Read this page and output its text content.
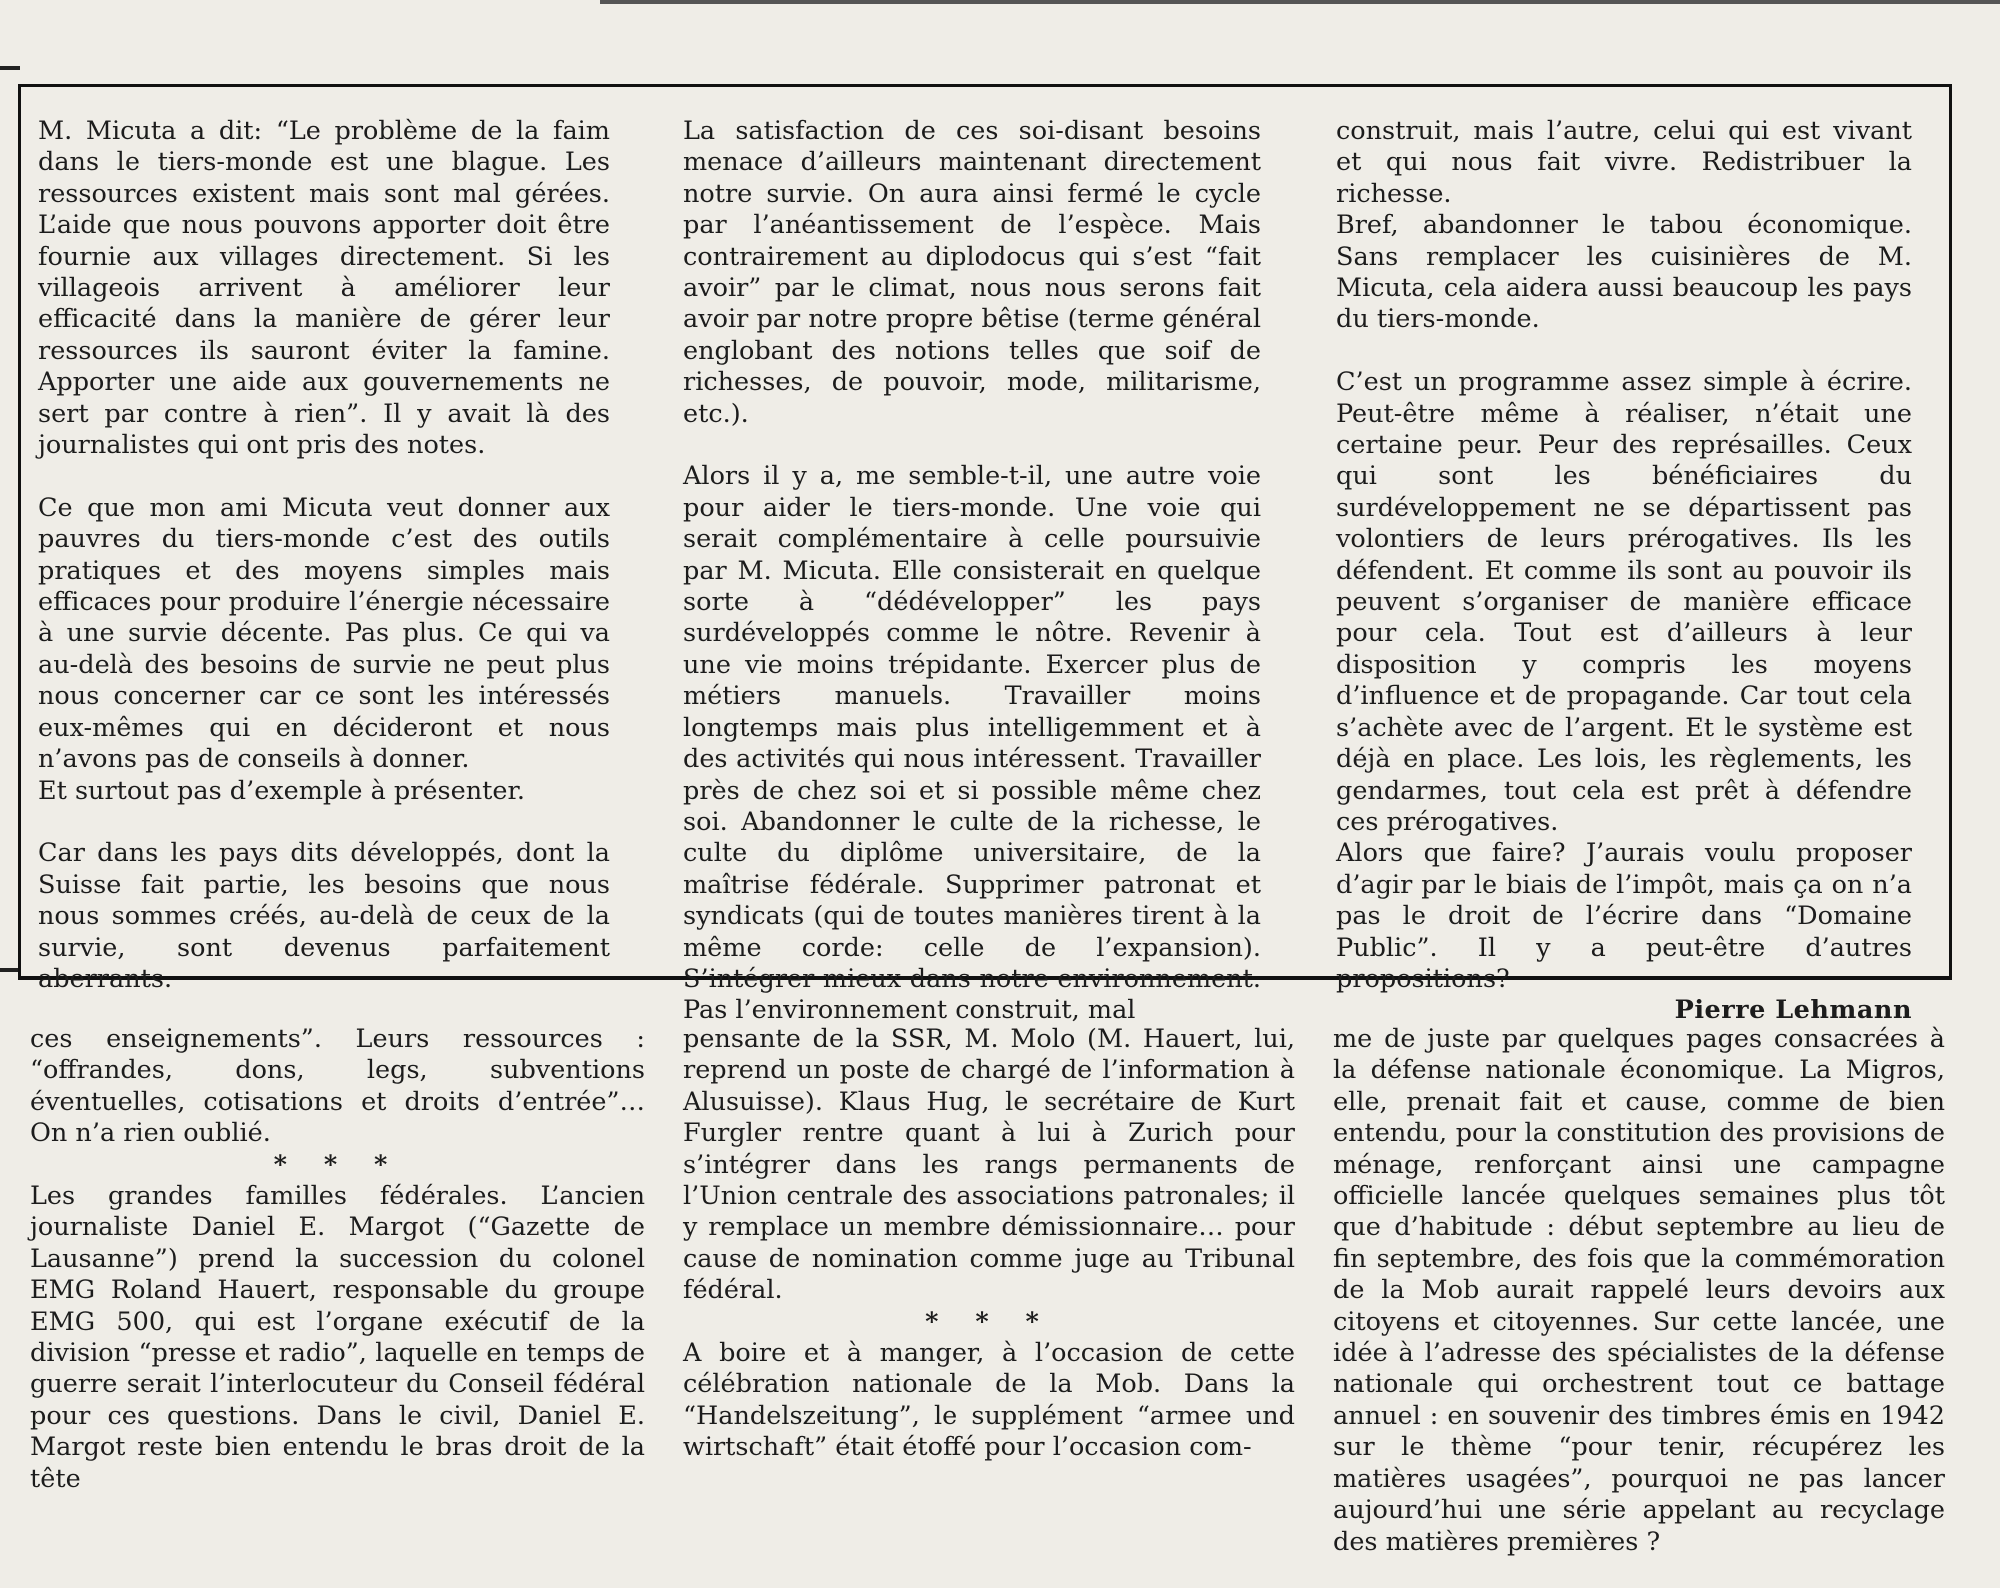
M. Micuta a dit: “Le problème de la faim dans le tiers-monde est une blague. Les ressources existent mais sont mal gérées. L’aide que nous pouvons apporter doit être fournie aux villages directement. Si les villageois arrivent à améliorer leur efficacité dans la manière de gérer leur ressources ils sauront éviter la famine. Apporter une aide aux gouvernements ne sert par contre à rien”. Il y avait là des journalistes qui ont pris des notes.

Ce que mon ami Micuta veut donner aux pauvres du tiers-monde c’est des outils pratiques et des moyens simples mais efficaces pour produire l’énergie nécessaire à une survie décente. Pas plus. Ce qui va au-delà des besoins de survie ne peut plus nous concerner car ce sont les intéressés eux-mêmes qui en décideront et nous n’avons pas de conseils à donner.

Et surtout pas d’exemple à présenter.

Car dans les pays dits développés, dont la Suisse fait partie, les besoins que nous nous sommes créés, au-delà de ceux de la survie, sont devenus parfaitement aberrants.

La satisfaction de ces soi-disant besoins menace d’ailleurs maintenant directement notre survie. On aura ainsi fermé le cycle par l’anéantissement de l’espèce. Mais contrairement au diplodocus qui s’est “fait avoir” par le climat, nous nous serons fait avoir par notre propre bêtise (terme général englobant des notions telles que soif de richesses, de pouvoir, mode, militarisme, etc.).

Alors il y a, me semble-t-il, une autre voie pour aider le tiers-monde. Une voie qui serait complémentaire à celle poursuivie par M. Micuta. Elle consisterait en quelque sorte à “dédévelopper” les pays surdéveloppés comme le nôtre. Revenir à une vie moins trépidante. Exercer plus de métiers manuels. Travailler moins longtemps mais plus intelligemment et à des activités qui nous intéressent. Travailler près de chez soi et si possible même chez soi. Abandonner le culte de la richesse, le culte du diplôme universitaire, de la maîtrise fédérale. Supprimer patronat et syndicats (qui de toutes manières tirent à la même corde: celle de l’expansion). S’intégrer mieux dans notre environnement. Pas l’environnement construit, mal

construit, mais l’autre, celui qui est vivant et qui nous fait vivre. Redistribuer la richesse.

Bref, abandonner le tabou économique. Sans remplacer les cuisinières de M. Micuta, cela aidera aussi beaucoup les pays du tiers-monde.

C’est un programme assez simple à écrire. Peut-être même à réaliser, n’était une certaine peur. Peur des représailles. Ceux qui sont les bénéficiaires du surdéveloppement ne se départissent pas volontiers de leurs prérogatives. Ils les défendent. Et comme ils sont au pouvoir ils peuvent s’organiser de manière efficace pour cela. Tout est d’ailleurs à leur disposition y compris les moyens d’influence et de propagande. Car tout cela s’achète avec de l’argent. Et le système est déjà en place. Les lois, les règlements, les gendarmes, tout cela est prêt à défendre ces prérogatives.

Alors que faire? J’aurais voulu proposer d’agir par le biais de l’impôt, mais ça on n’a pas le droit de l’écrire dans “Domaine Public”. Il y a peut-être d’autres propositions?

Pierre Lehmann

ces enseignements”. Leurs ressources : “offrandes, dons, legs, subventions éventuelles, cotisations et droits d’entrée”… On n’a rien oublié.

* * *

Les grandes familles fédérales. L’ancien journaliste Daniel E. Margot (“Gazette de Lausanne”) prend la succession du colonel EMG Roland Hauert, responsable du groupe EMG 500, qui est l’organe exécutif de la division “presse et radio”, laquelle en temps de guerre serait l’interlocuteur du Conseil fédéral pour ces questions. Dans le civil, Daniel E. Margot reste bien entendu le bras droit de la tête

pensante de la SSR, M. Molo (M. Hauert, lui, reprend un poste de chargé de l’information à Alusuisse). Klaus Hug, le secrétaire de Kurt Furgler rentre quant à lui à Zurich pour s’intégrer dans les rangs permanents de l’Union centrale des associations patronales; il y remplace un membre démissionnaire… pour cause de nomination comme juge au Tribunal fédéral.

* * *

A boire et à manger, à l’occasion de cette célébration nationale de la Mob. Dans la “Handelszeitung”, le supplément “armee und wirtschaft” était étoffé pour l’occasion com-

me de juste par quelques pages consacrées à la défense nationale économique. La Migros, elle, prenait fait et cause, comme de bien entendu, pour la constitution des provisions de ménage, renforçant ainsi une campagne officielle lancée quelques semaines plus tôt que d’habitude : début septembre au lieu de fin septembre, des fois que la commémoration de la Mob aurait rappelé leurs devoirs aux citoyens et citoyennes. Sur cette lancée, une idée à l’adresse des spécialistes de la défense nationale qui orchestrent tout ce battage annuel : en souvenir des timbres émis en 1942 sur le thème “pour tenir, récupérez les matières usagées”, pourquoi ne pas lancer aujourd’hui une série appelant au recyclage des matières premières ?
